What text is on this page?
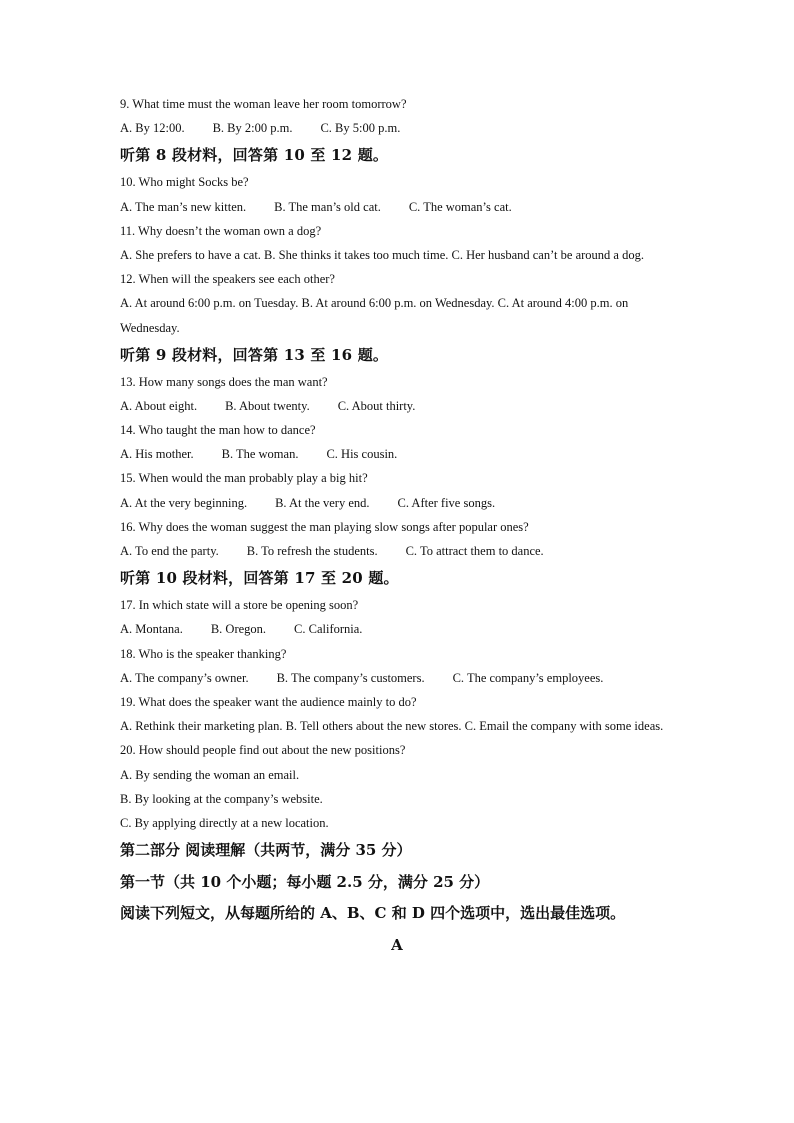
9. What time must the woman leave her room tomorrow?
A. By 12:00. B. By 2:00 p.m. C. By 5:00 p.m.
听第 8 段材料，回答第 10 至 12 题。
10. Who might Socks be?
A. The man’s new kitten. B. The man’s old cat. C. The woman’s cat.
11. Why doesn’t the woman own a dog?
A. She prefers to have a cat. B. She thinks it takes too much time. C. Her husband can’t be around a dog.
12. When will the speakers see each other?
A. At around 6:00 p.m. on Tuesday. B. At around 6:00 p.m. on Wednesday. C. At around 4:00 p.m. on Wednesday.
听第 9 段材料，回答第 13 至 16 题。
13. How many songs does the man want?
A. About eight. B. About twenty. C. About thirty.
14. Who taught the man how to dance?
A. His mother. B. The woman. C. His cousin.
15. When would the man probably play a big hit?
A. At the very beginning. B. At the very end. C. After five songs.
16. Why does the woman suggest the man playing slow songs after popular ones?
A. To end the party. B. To refresh the students. C. To attract them to dance.
听第 10 段材料，回答第 17 至 20 题。
17. In which state will a store be opening soon?
A. Montana. B. Oregon. C. California.
18. Who is the speaker thanking?
A. The company’s owner. B. The company’s customers. C. The company’s employees.
19. What does the speaker want the audience mainly to do?
A. Rethink their marketing plan. B. Tell others about the new stores. C. Email the company with some ideas.
20. How should people find out about the new positions?
A. By sending the woman an email.
B. By looking at the company’s website.
C. By applying directly at a new location.
第二部分 阅读理解（共两节，满分 35 分）
第一节（共 10 个小题；每小题 2.5 分，满分 25 分）
阅读下列短文，从每题所给的 A、B、C 和 D 四个选项中，选出最佳选项。
A
